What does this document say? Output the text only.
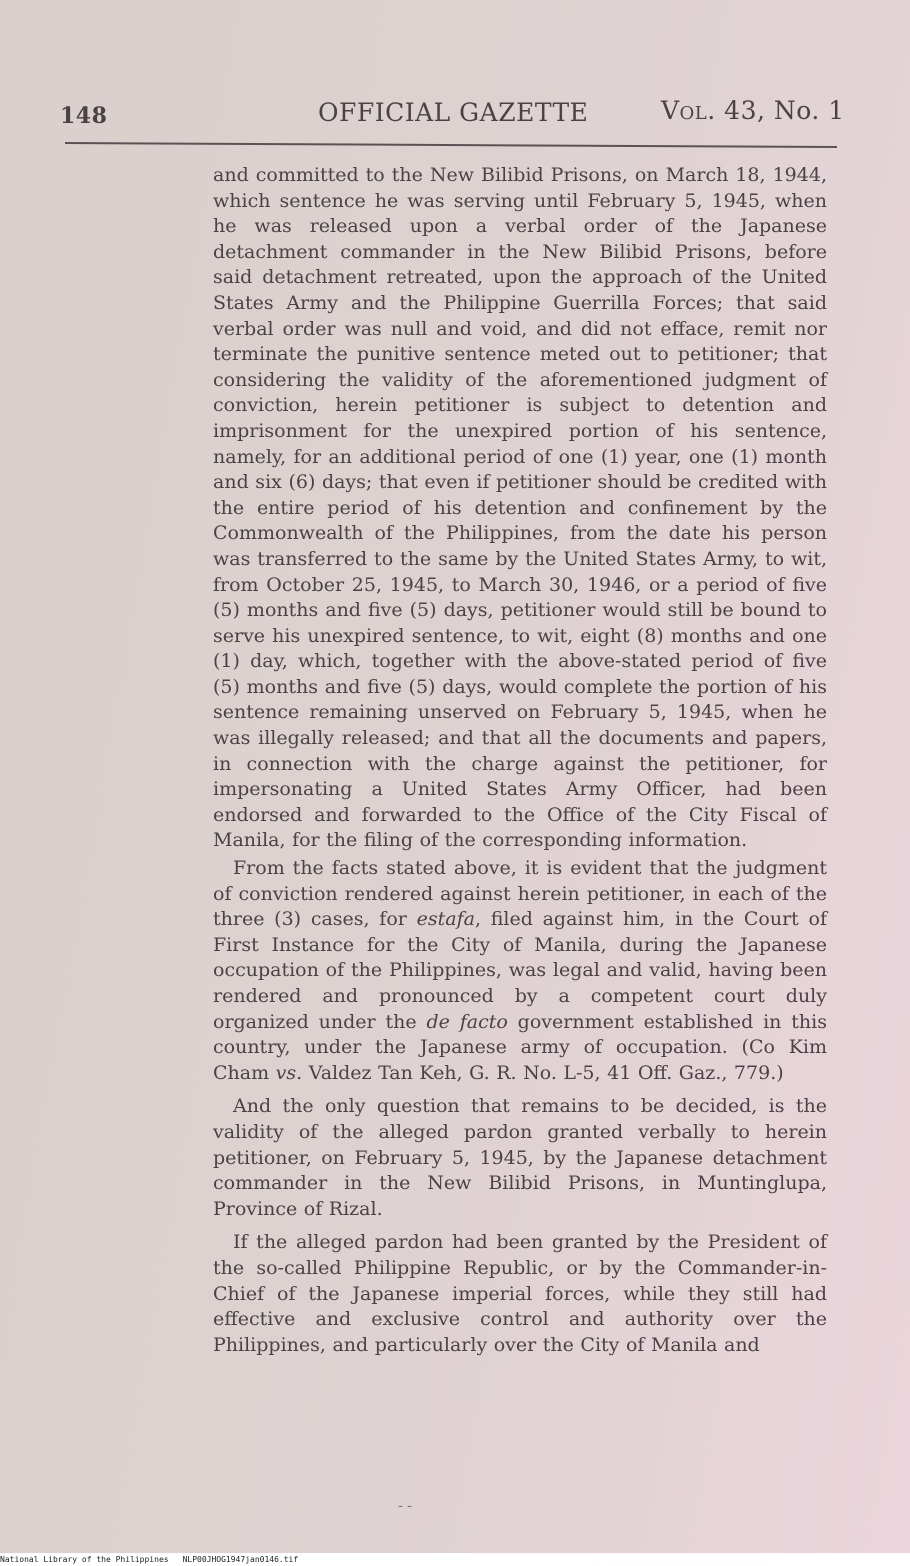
148	OFFICIAL GAZETTE	Vol. 43, No. 1

and committed to the New Bilibid Prisons, on March 18, 1944, which sentence he was serving until February 5, 1945, when he was released upon a verbal order of the Japanese detachment commander in the New Bilibid Prisons, before said detachment retreated, upon the approach of the United States Army and the Philippine Guerrilla Forces; that said verbal order was null and void, and did not efface, remit nor terminate the punitive sentence meted out to petitioner; that considering the validity of the aforementioned judgment of conviction, herein petitioner is subject to detention and imprisonment for the unexpired portion of his sentence, namely, for an additional period of one (1) year, one (1) month and six (6) days; that even if petitioner should be credited with the entire period of his detention and confinement by the Commonwealth of the Philippines, from the date his person was transferred to the same by the United States Army, to wit, from October 25, 1945, to March 30, 1946, or a period of five (5) months and five (5) days, petitioner would still be bound to serve his unexpired sentence, to wit, eight (8) months and one (1) day, which, together with the above-stated period of five (5) months and five (5) days, would complete the portion of his sentence remaining unserved on February 5, 1945, when he was illegally released; and that all the documents and papers, in connection with the charge against the petitioner, for impersonating a United States Army Officer, had been endorsed and forwarded to the Office of the City Fiscal of Manila, for the filing of the corresponding information.

From the facts stated above, it is evident that the judgment of conviction rendered against herein petitioner, in each of the three (3) cases, for estafa, filed against him, in the Court of First Instance for the City of Manila, during the Japanese occupation of the Philippines, was legal and valid, having been rendered and pronounced by a competent court duly organized under the de facto government established in this country, under the Japanese army of occupation. (Co Kim Cham vs. Valdez Tan Keh, G. R. No. L-5, 41 Off. Gaz., 779.)

And the only question that remains to be decided, is the validity of the alleged pardon granted verbally to herein petitioner, on February 5, 1945, by the Japanese detachment commander in the New Bilibid Prisons, in Muntinglupa, Province of Rizal.

If the alleged pardon had been granted by the President of the so-called Philippine Republic, or by the Commander-in-Chief of the Japanese imperial forces, while they still had effective and exclusive control and authority over the Philippines, and particularly over the City of Manila and

- -
National Library of the Philippines NLP00JHOG1947jan0146.tif
